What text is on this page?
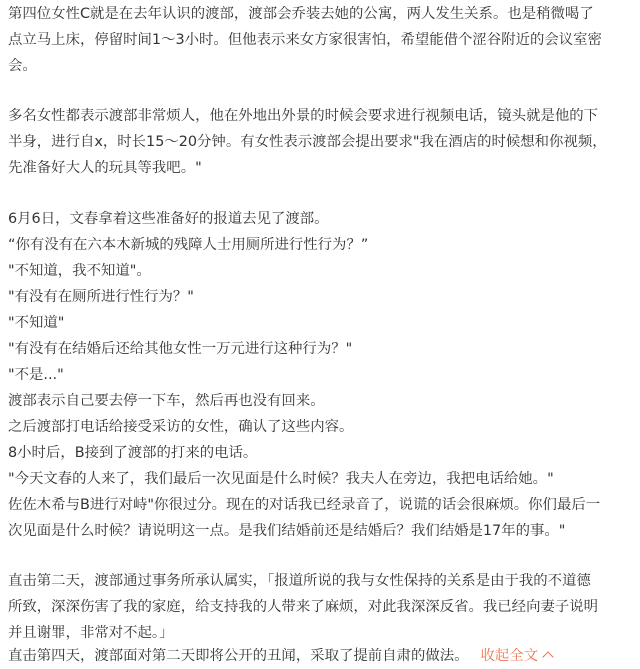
第四位女性C就是在去年认识的渡部，渡部会乔装去她的公寓，两人发生关系。也是稍微喝了
点立马上床，停留时间1～3小时。但他表示来女方家很害怕，希望能借个涩谷附近的会议室密
会。
多名女性都表示渡部非常烦人，他在外地出外景的时候会要求进行视频电话，镜头就是他的下
半身，进行自x，时长15～20分钟。有女性表示渡部会提出要求"我在酒店的时候想和你视频，
先准备好大人的玩具等我吧。"
6月6日，文春拿着这些准备好的报道去见了渡部。
“你有没有在六本木新城的残障人士用厕所进行性行为？”
"不知道，我不知道"。
"有没有在厕所进行性行为？"
"不知道"
"有没有在结婚后还给其他女性一万元进行这种行为？"
"不是..."
渡部表示自己要去停一下车，然后再也没有回来。
之后渡部打电话给接受采访的女性，确认了这些内容。
8小时后，B接到了渡部的打来的电话。
"今天文春的人来了，我们最后一次见面是什么时候？我夫人在旁边，我把电话给她。"
佐佐木希与B进行对峙"你很过分。现在的对话我已经录音了，说谎的话会很麻烦。你们最后一
次见面是什么时候？请说明这一点。是我们结婚前还是结婚后？我们结婚是17年的事。"
直击第二天，渡部通过事务所承认属实，「报道所说的我与女性保持的关系是由于我的不道德
所致，深深伤害了我的家庭，给支持我的人带来了麻烦，对此我深深反省。我已经向妻子说明
并且谢罪，非常对不起。」
直击第四天，渡部面对第二天即将公开的丑闻，采取了提前自肃的做法。 收起全文
